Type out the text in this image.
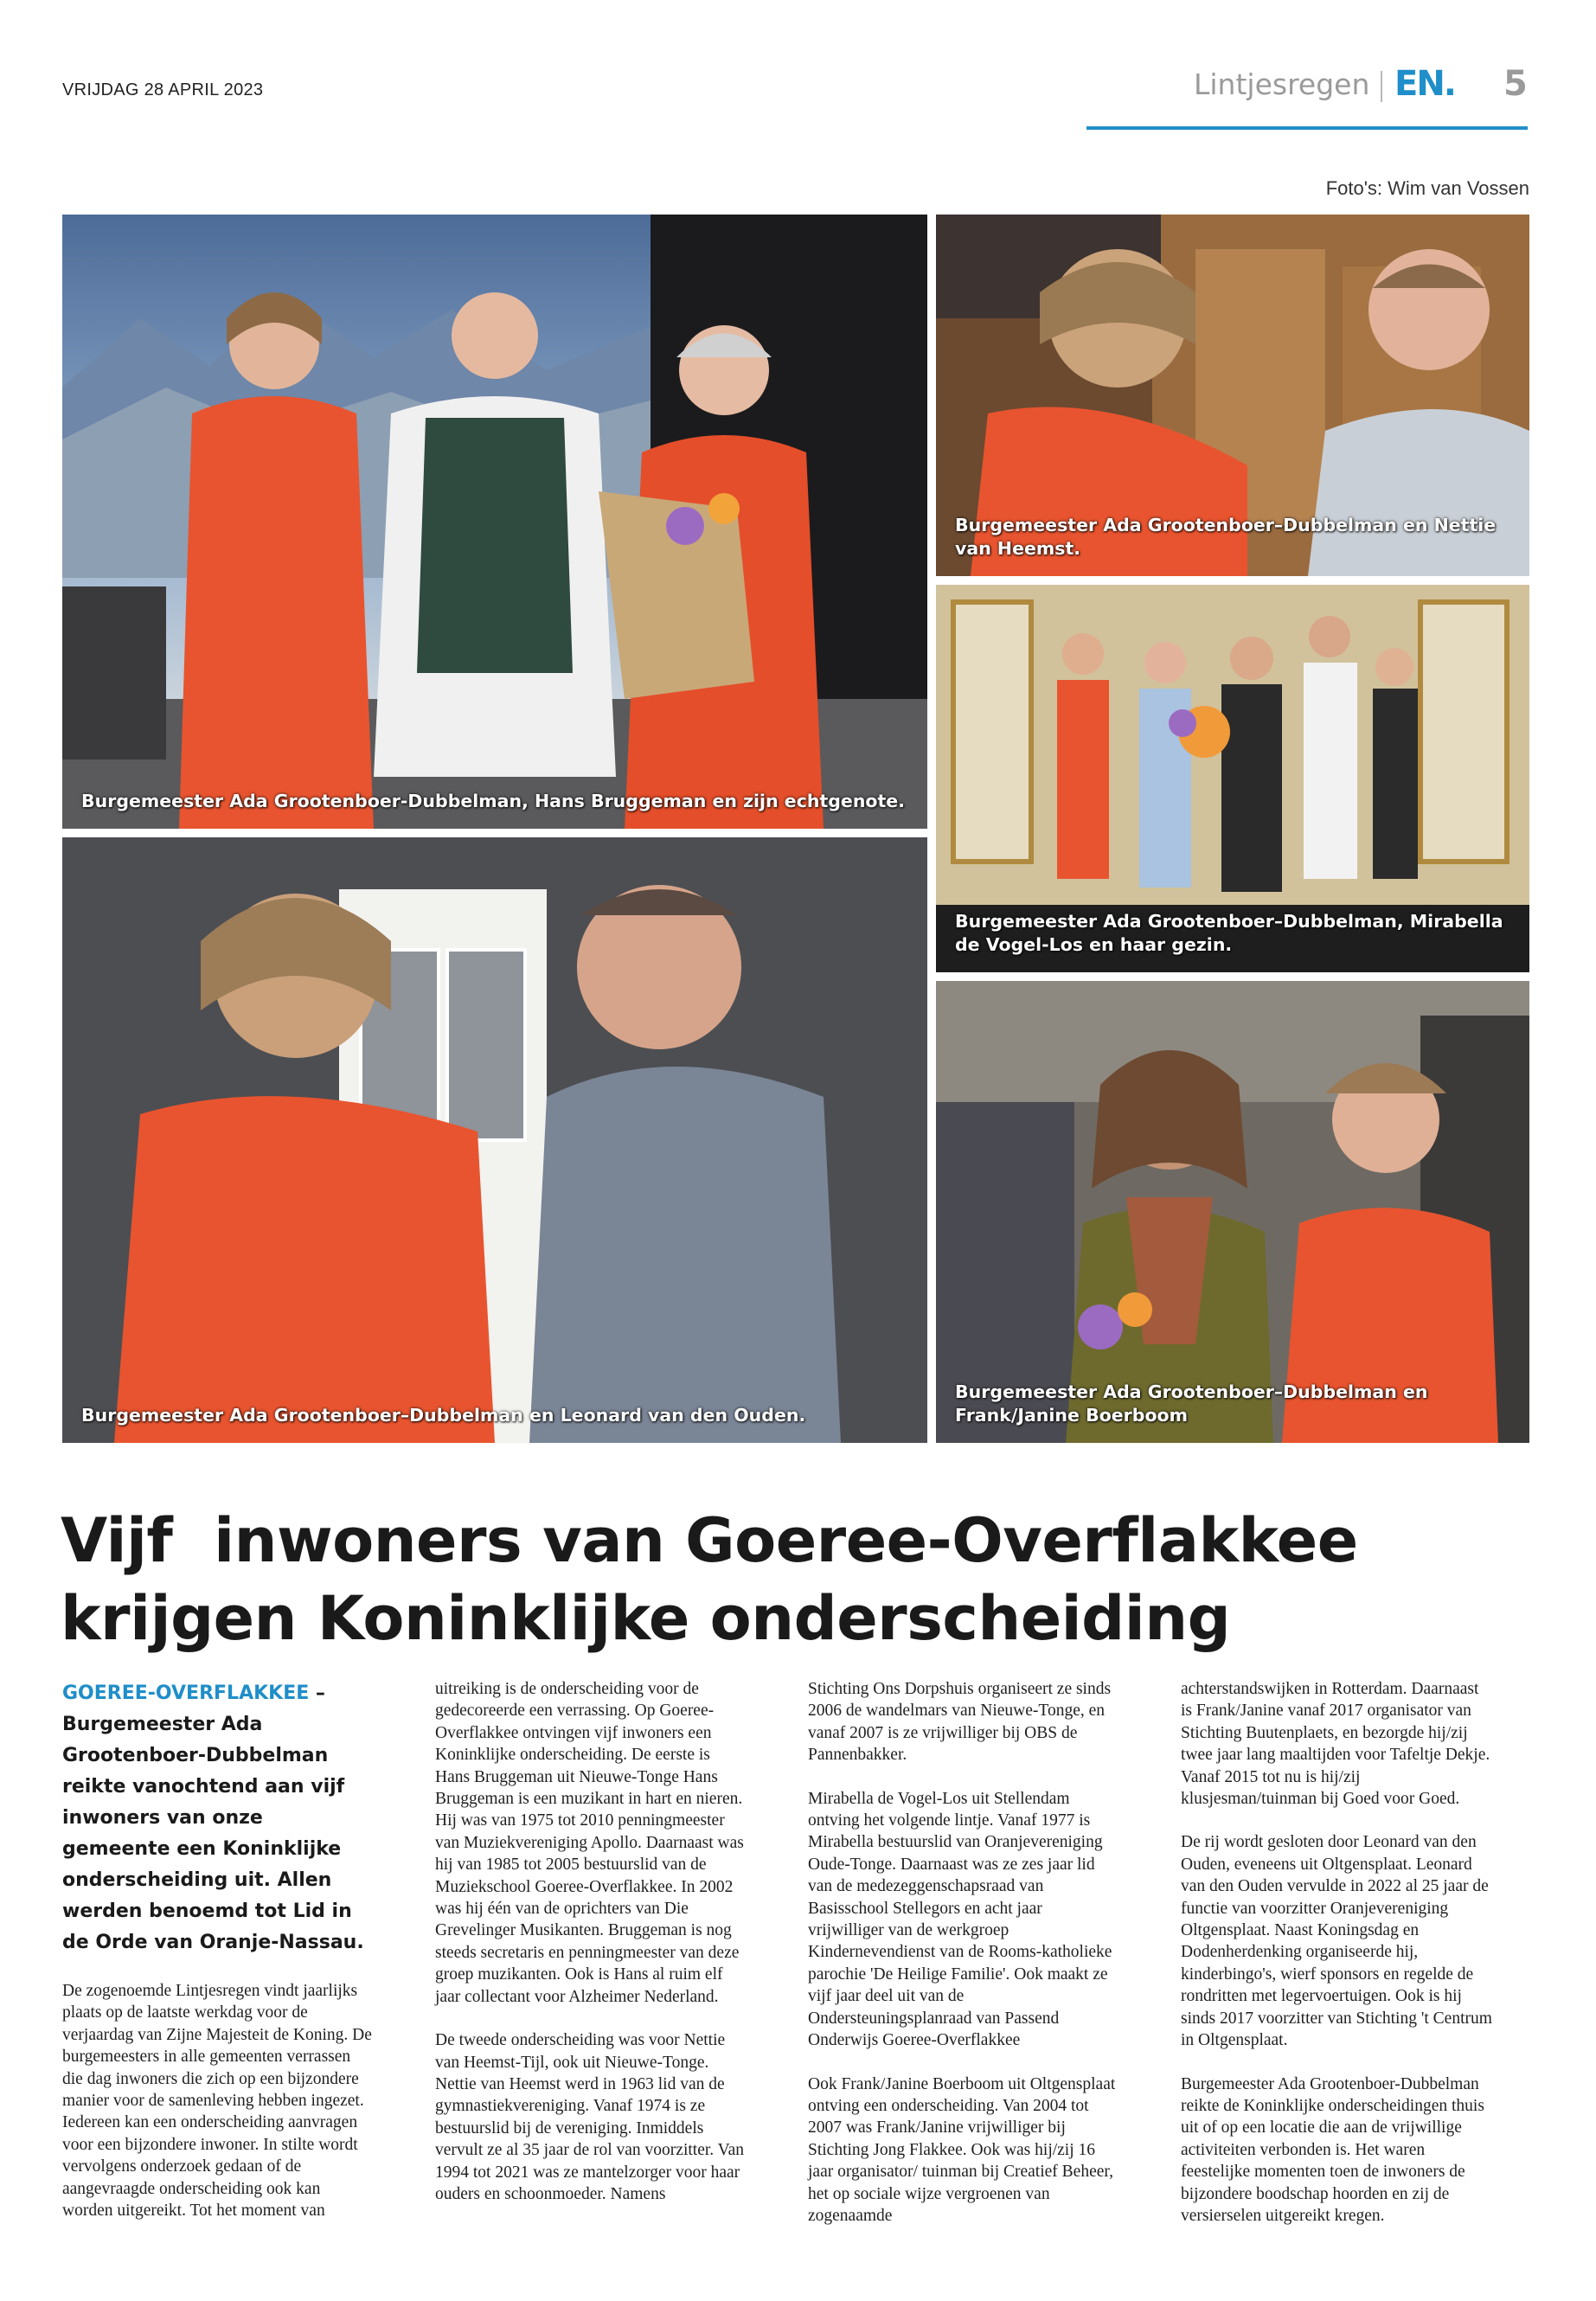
VRIJDAG 28 APRIL 2023	Lintjesregen EN. 5
Foto's: Wim van Vossen
Burgemeester Ada Grootenboer-Dubbelman, Hans Bruggeman en zijn echtgenote.
Burgemeester Ada Grootenboer–Dubbelman en Nettie van Heemst.
Burgemeester Ada Grootenboer–Dubbelman, Mirabella de Vogel-Los en haar gezin.
Burgemeester Ada Grootenboer–Dubbelman en Leonard van den Ouden.
Burgemeester Ada Grootenboer–Dubbelman en Frank/Janine Boerboom
Vijf  inwoners van Goeree-Overflakkee
krijgen Koninklijke onderscheiding

GOEREE-OVERFLAKKEE – Burgemeester Ada Grootenboer-Dubbelman reikte vanochtend aan vijf inwoners van onze gemeente een Koninklijke onderscheiding uit. Allen werden benoemd tot Lid in de Orde van Oranje-Nassau.

De zogenoemde Lintjesregen vindt jaarlijks plaats op de laatste werkdag voor de verjaardag van Zijne Majesteit de Koning. De burgemeesters in alle gemeenten verrassen die dag inwoners die zich op een bijzondere manier voor de samenleving hebben ingezet. Iedereen kan een onderscheiding aanvragen voor een bijzondere inwoner. In stilte wordt vervolgens onderzoek gedaan of de aangevraagde onderscheiding ook kan worden uitgereikt. Tot het moment van

uitreiking is de onderscheiding voor de gedecoreerde een verrassing. Op Goeree-Overflakkee ontvingen vijf inwoners een Koninklijke onderscheiding. De eerste is Hans Bruggeman uit Nieuwe-Tonge Hans Bruggeman is een muzikant in hart en nieren. Hij was van 1975 tot 2010 penningmeester van Muziekvereniging Apollo. Daarnaast was hij van 1985 tot 2005 bestuurslid van de Muziekschool Goeree-Overflakkee. In 2002 was hij één van de oprichters van Die Grevelinger Musikanten. Bruggeman is nog steeds secretaris en penningmeester van deze groep muzikanten. Ook is Hans al ruim elf jaar collectant voor Alzheimer Nederland.

De tweede onderscheiding was voor Nettie van Heemst-Tijl, ook uit Nieuwe-Tonge. Nettie van Heemst werd in 1963 lid van de gymnastiekvereniging. Vanaf 1974 is ze bestuurslid bij de vereniging. Inmiddels vervult ze al 35 jaar de rol van voorzitter. Van 1994 tot 2021 was ze mantelzorger voor haar ouders en schoonmoeder. Namens

Stichting Ons Dorpshuis organiseert ze sinds 2006 de wandelmars van Nieuwe-Tonge, en vanaf 2007 is ze vrijwilliger bij OBS de Pannenbakker.

Mirabella de Vogel-Los uit Stellendam ontving het volgende lintje. Vanaf 1977 is Mirabella bestuurslid van Oranjevereniging Oude-Tonge. Daarnaast was ze zes jaar lid van de medezeggenschapsraad van Basisschool Stellegors en acht jaar vrijwilliger van de werkgroep Kindernevendienst van de Rooms-katholieke parochie 'De Heilige Familie'. Ook maakt ze vijf jaar deel uit van de Ondersteuningsplanraad van Passend Onderwijs Goeree-Overflakkee

Ook Frank/Janine Boerboom uit Oltgensplaat ontving een onderscheiding. Van 2004 tot 2007 was Frank/Janine vrijwilliger bij Stichting Jong Flakkee. Ook was hij/zij 16 jaar organisator/ tuinman bij Creatief Beheer, het op sociale wijze vergroenen van zogenaamde

achterstandswijken in Rotterdam. Daarnaast is Frank/Janine vanaf 2017 organisator van Stichting Buutenplaets, en bezorgde hij/zij twee jaar lang maaltijden voor Tafeltje Dekje. Vanaf 2015 tot nu is hij/zij klusjesman/tuinman bij Goed voor Goed.

De rij wordt gesloten door Leonard van den Ouden, eveneens uit Oltgensplaat. Leonard van den Ouden vervulde in 2022 al 25 jaar de functie van voorzitter Oranjevereniging Oltgensplaat. Naast Koningsdag en Dodenherdenking organiseerde hij, kinderbingo's, wierf sponsors en regelde de rondritten met legervoertuigen. Ook is hij sinds 2017 voorzitter van Stichting 't Centrum in Oltgensplaat.

Burgemeester Ada Grootenboer-Dubbelman reikte de Koninklijke onderscheidingen thuis uit of op een locatie die aan de vrijwillige activiteiten verbonden is. Het waren feestelijke momenten toen de inwoners de bijzondere boodschap hoorden en zij de versierselen uitgereikt kregen.
